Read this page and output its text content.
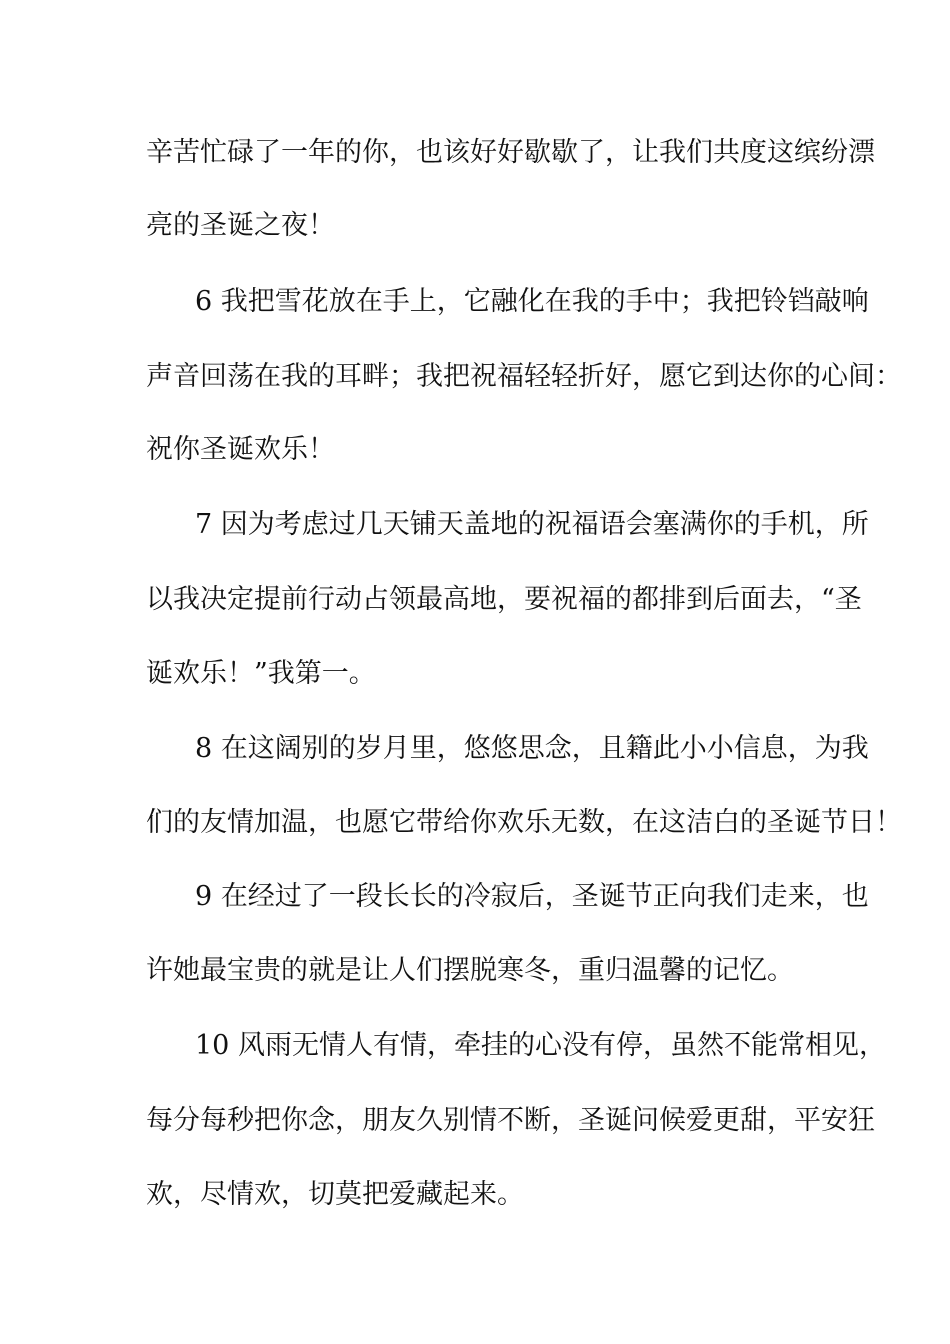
辛苦忙碌了一年的你，也该好好歇歇了，让我们共度这缤纷漂
亮的圣诞之夜！
6 我把雪花放在手上，它融化在我的手中；我把铃铛敲响
声音回荡在我的耳畔；我把祝福轻轻折好，愿它到达你的心间：
祝你圣诞欢乐！
7 因为考虑过几天铺天盖地的祝福语会塞满你的手机，所
以我决定提前行动占领最高地，要祝福的都排到后面去，“圣
诞欢乐！”我第一。
8 在这阔别的岁月里，悠悠思念，且籍此小小信息，为我
们的友情加温，也愿它带给你欢乐无数，在这洁白的圣诞节日！
9 在经过了一段长长的冷寂后，圣诞节正向我们走来，也
许她最宝贵的就是让人们摆脱寒冬，重归温馨的记忆。
10 风雨无情人有情，牵挂的心没有停，虽然不能常相见，
每分每秒把你念，朋友久别情不断，圣诞问候爱更甜，平安狂
欢，尽情欢，切莫把爱藏起来。
